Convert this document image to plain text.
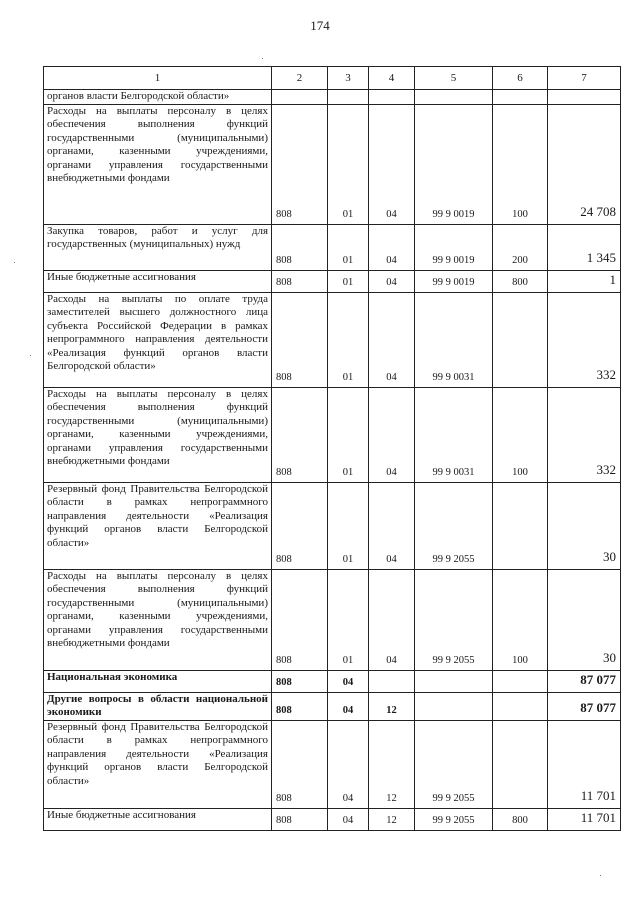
174
1	2	3	4	5	6	7
органов власти Белгородской области»						
Расходы на выплаты персоналу в целях обеспечения выполнения функций государственными (муниципальными) органами, казенными учреждениями, органами управления государственными внебюджетными фондами	808	01	04	99 9 0019	100	24 708
Закупка товаров, работ и услуг для государственных (муниципальных) нужд	808	01	04	99 9 0019	200	1 345
Иные бюджетные ассигнования	808	01	04	99 9 0019	800	1
Расходы на выплаты по оплате труда заместителей высшего должностного лица субъекта Российской Федерации в рамках непрограммного направления деятельности «Реализация функций органов власти Белгородской области»	808	01	04	99 9 0031		332
Расходы на выплаты персоналу в целях обеспечения выполнения функций государственными (муниципальными) органами, казенными учреждениями, органами управления государственными внебюджетными фондами	808	01	04	99 9 0031	100	332
Резервный фонд Правительства Белгородской области в рамках непрограммного направления деятельности «Реализация функций органов власти Белгородской области»	808	01	04	99 9 2055		30
Расходы на выплаты персоналу в целях обеспечения выполнения функций государственными (муниципальными) органами, казенными учреждениями, органами управления государственными внебюджетными фондами	808	01	04	99 9 2055	100	30
Национальная экономика	808	04				87 077
Другие вопросы в области национальной экономики	808	04	12			87 077
Резервный фонд Правительства Белгородской области в рамках непрограммного направления деятельности «Реализация функций органов власти Белгородской области»	808	04	12	99 9 2055		11 701
Иные бюджетные ассигнования	808	04	12	99 9 2055	800	11 701
